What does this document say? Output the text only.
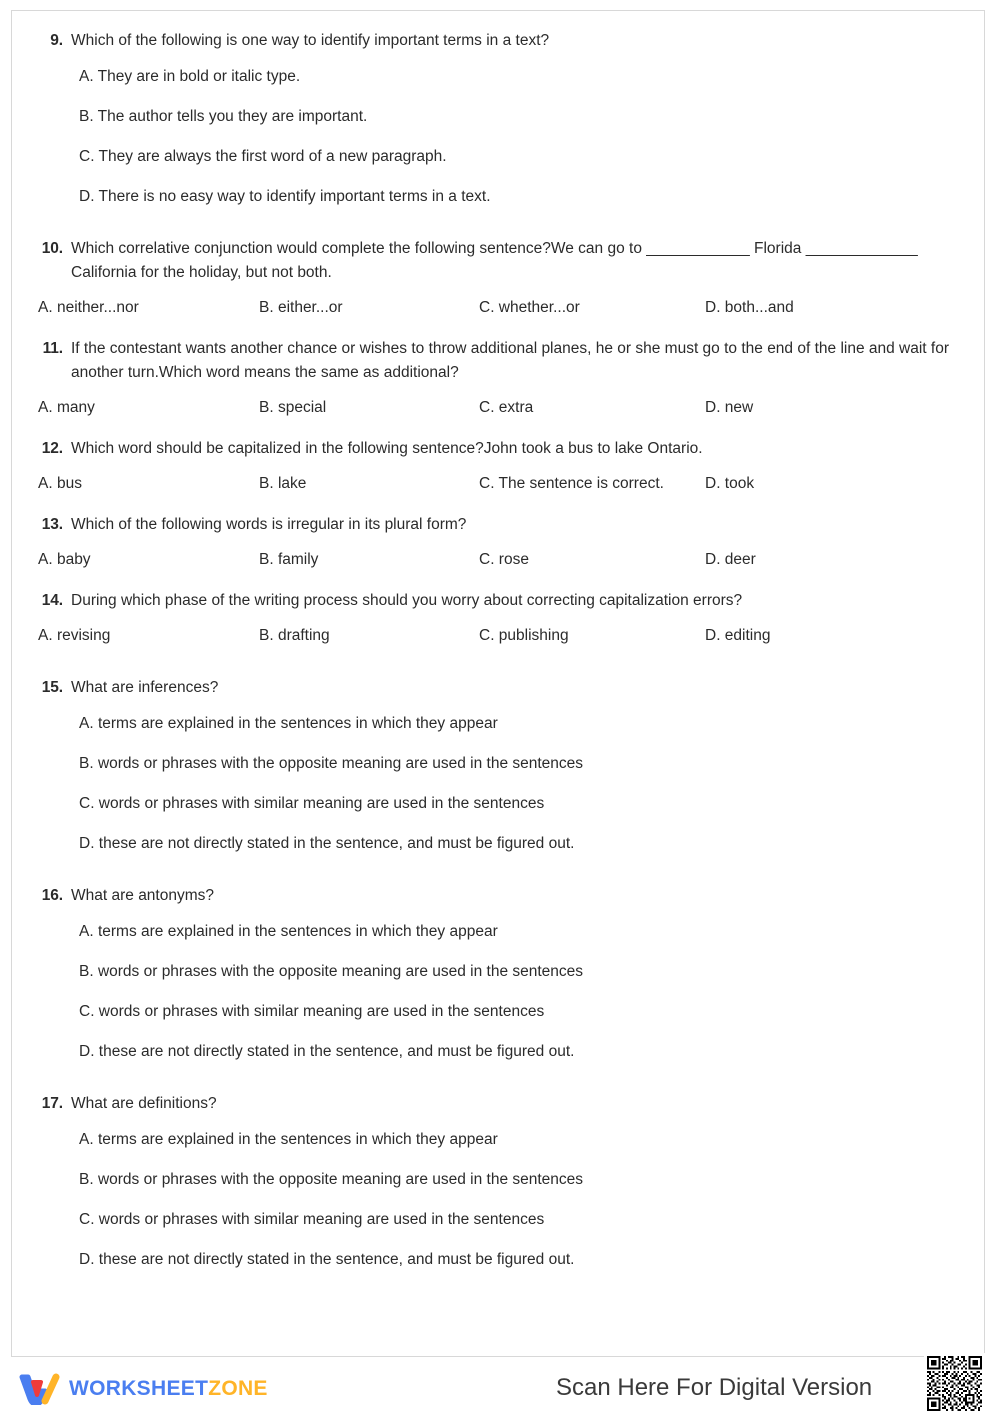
9. Which of the following is one way to identify important terms in a text?
A. They are in bold or italic type.
B. The author tells you they are important.
C. They are always the first word of a new paragraph.
D. There is no easy way to identify important terms in a text.
10. Which correlative conjunction would complete the following sentence?We can go to ____________ Florida _____________ California for the holiday, but not both.
A. neither...nor	B. either...or	C. whether...or	D. both...and
11. If the contestant wants another chance or wishes to throw additional planes, he or she must go to the end of the line and wait for another turn.Which word means the same as additional?
A. many	B. special	C. extra	D. new
12. Which word should be capitalized in the following sentence?John took a bus to lake Ontario.
A. bus	B. lake	C. The sentence is correct.	D. took
13. Which of the following words is irregular in its plural form?
A. baby	B. family	C. rose	D. deer
14. During which phase of the writing process should you worry about correcting capitalization errors?
A. revising	B. drafting	C. publishing	D. editing
15. What are inferences?
A. terms are explained in the sentences in which they appear
B. words or phrases with the opposite meaning are used in the sentences
C. words or phrases with similar meaning are used in the sentences
D. these are not directly stated in the sentence, and must be figured out.
16. What are antonyms?
A. terms are explained in the sentences in which they appear
B. words or phrases with the opposite meaning are used in the sentences
C. words or phrases with similar meaning are used in the sentences
D. these are not directly stated in the sentence, and must be figured out.
17. What are definitions?
A. terms are explained in the sentences in which they appear
B. words or phrases with the opposite meaning are used in the sentences
C. words or phrases with similar meaning are used in the sentences
D. these are not directly stated in the sentence, and must be figured out.
WORKSHEETZONE	Scan Here For Digital Version
